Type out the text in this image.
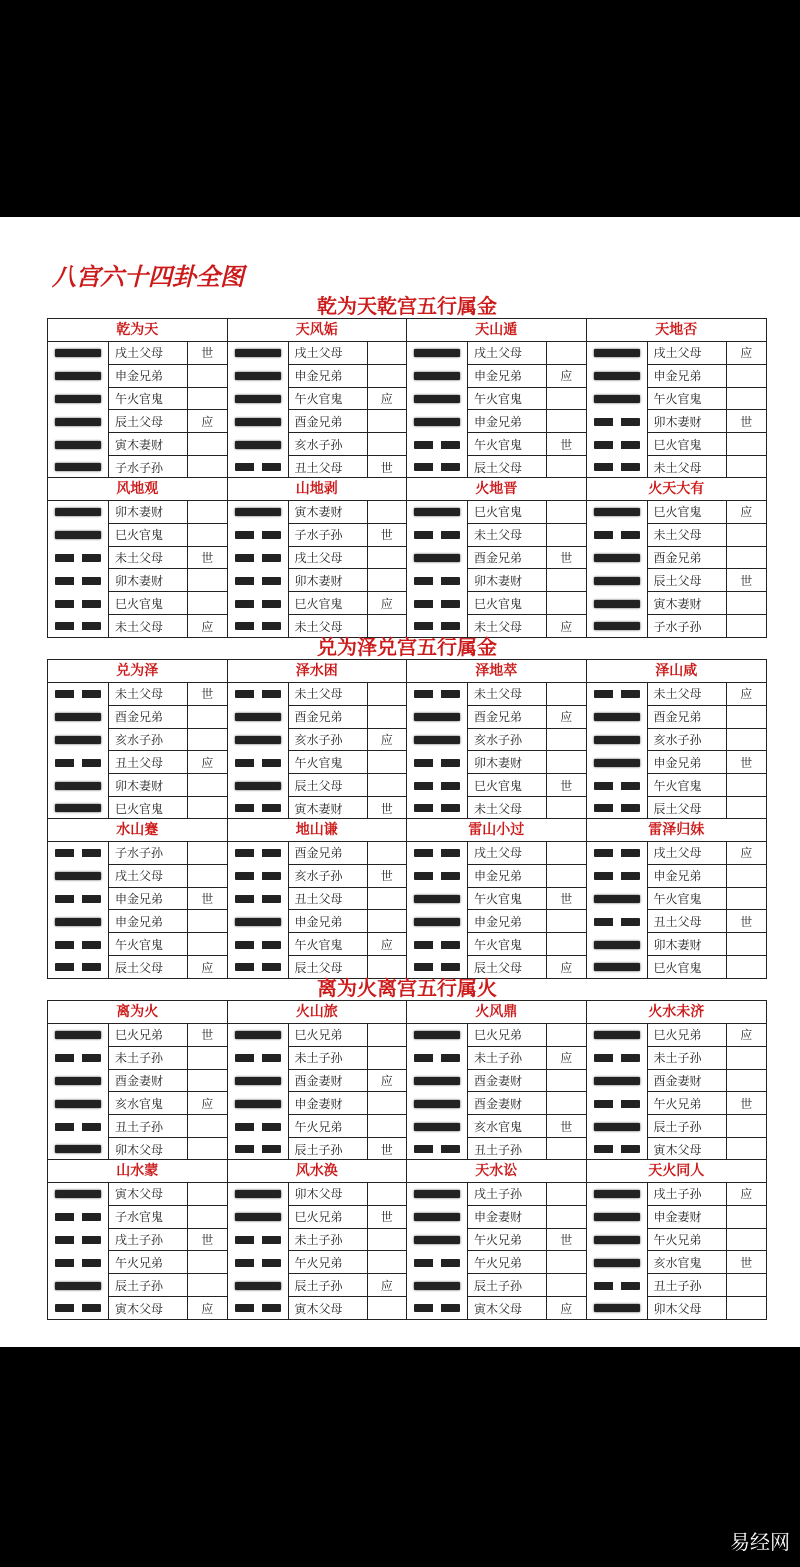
八宫六十四卦全图
乾为天乾宫五行属金
乾为天
戌土父母	世
申金兄弟
午火官鬼
辰土父母	应
寅木妻财
子水子孙
天风姤
戌土父母
申金兄弟
午火官鬼	应
酉金兄弟
亥水子孙
丑土父母	世
天山遁
戌土父母
申金兄弟	应
午火官鬼
申金兄弟
午火官鬼	世
辰土父母
天地否
戌土父母	应
申金兄弟
午火官鬼
卯木妻财	世
巳火官鬼
未土父母
风地观
卯木妻财
巳火官鬼
未土父母	世
卯木妻财
巳火官鬼
未土父母	应
山地剥
寅木妻财
子水子孙	世
戌土父母
卯木妻财
巳火官鬼	应
未土父母
火地晋
巳火官鬼
未土父母
酉金兄弟	世
卯木妻财
巳火官鬼
未土父母	应
火天大有
巳火官鬼	应
未土父母
酉金兄弟
辰土父母	世
寅木妻财
子水子孙
兑为泽兑宫五行属金
兑为泽
未土父母	世
酉金兄弟
亥水子孙
丑土父母	应
卯木妻财
巳火官鬼
泽水困
未土父母
酉金兄弟
亥水子孙	应
午火官鬼
辰土父母
寅木妻财	世
泽地萃
未土父母
酉金兄弟	应
亥水子孙
卯木妻财
巳火官鬼	世
未土父母
泽山咸
未土父母	应
酉金兄弟
亥水子孙
申金兄弟	世
午火官鬼
辰土父母
水山蹇
子水子孙
戌土父母
申金兄弟	世
申金兄弟
午火官鬼
辰土父母	应
地山谦
酉金兄弟
亥水子孙	世
丑土父母
申金兄弟
午火官鬼	应
辰土父母
雷山小过
戌土父母
申金兄弟
午火官鬼	世
申金兄弟
午火官鬼
辰土父母	应
雷泽归妹
戌土父母	应
申金兄弟
午火官鬼
丑土父母	世
卯木妻财
巳火官鬼
离为火离宫五行属火
离为火
巳火兄弟	世
未土子孙
酉金妻财
亥水官鬼	应
丑土子孙
卯木父母
火山旅
巳火兄弟
未土子孙
酉金妻财	应
申金妻财
午火兄弟
辰土子孙	世
火风鼎
巳火兄弟
未土子孙	应
酉金妻财
酉金妻财
亥水官鬼	世
丑土子孙
火水未济
巳火兄弟	应
未土子孙
酉金妻财
午火兄弟	世
辰土子孙
寅木父母
山水蒙
寅木父母
子水官鬼
戌土子孙	世
午火兄弟
辰土子孙
寅木父母	应
风水涣
卯木父母
巳火兄弟	世
未土子孙
午火兄弟
辰土子孙	应
寅木父母
天水讼
戌土子孙
申金妻财
午火兄弟	世
午火兄弟
辰土子孙
寅木父母	应
天火同人
戌土子孙	应
申金妻财
午火兄弟
亥水官鬼	世
丑土子孙
卯木父母
易经网
